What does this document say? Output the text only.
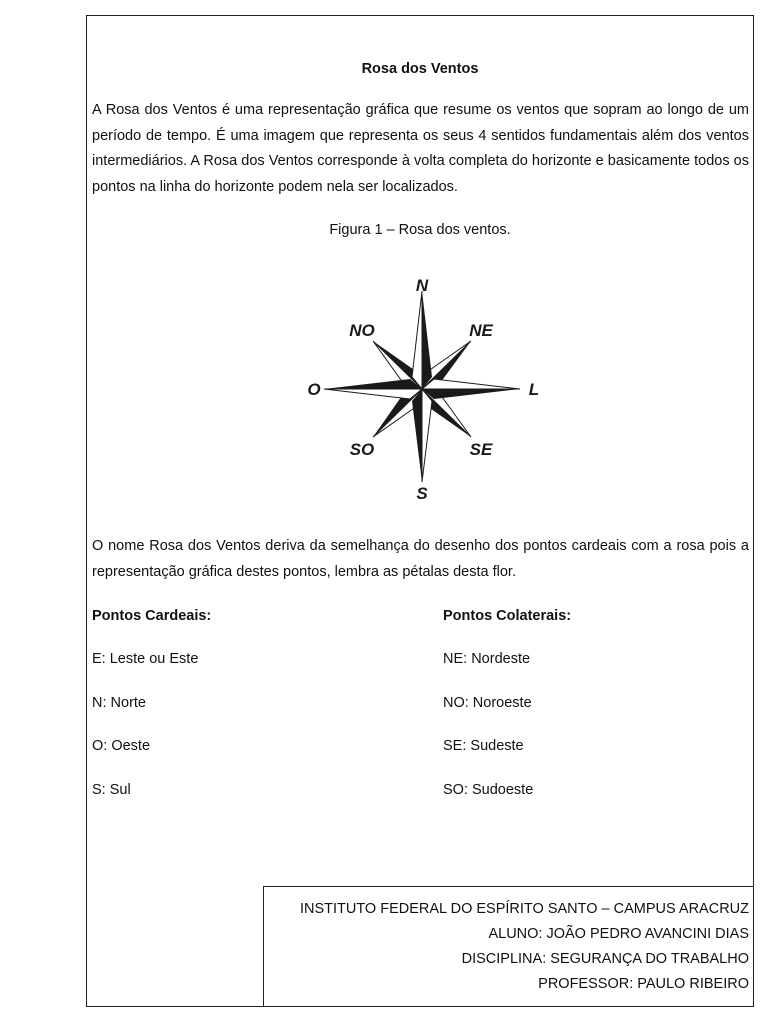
Rosa dos Ventos
A Rosa dos Ventos é uma representação gráfica que resume os ventos que sopram ao longo de um período de tempo. É uma imagem que representa os seus 4 sentidos fundamentais além dos ventos intermediários. A Rosa dos Ventos corresponde à volta completa do horizonte e basicamente todos os pontos na linha do horizonte podem nela ser localizados.
Figura 1 – Rosa dos ventos.
N
NE
L
SE
S
SO
O
NO
O nome Rosa dos Ventos deriva da semelhança do desenho dos pontos cardeais com a rosa pois a representação gráfica destes pontos, lembra as pétalas desta flor.
Pontos Cardeais:
E: Leste ou Este
N: Norte
O: Oeste
S: Sul
Pontos Colaterais:
NE: Nordeste
NO: Noroeste
SE: Sudeste
SO: Sudoeste
INSTITUTO FEDERAL DO ESPÍRITO SANTO – CAMPUS ARACRUZ
ALUNO: JOÃO PEDRO AVANCINI DIAS
DISCIPLINA: SEGURANÇA DO TRABALHO
PROFESSOR: PAULO RIBEIRO
